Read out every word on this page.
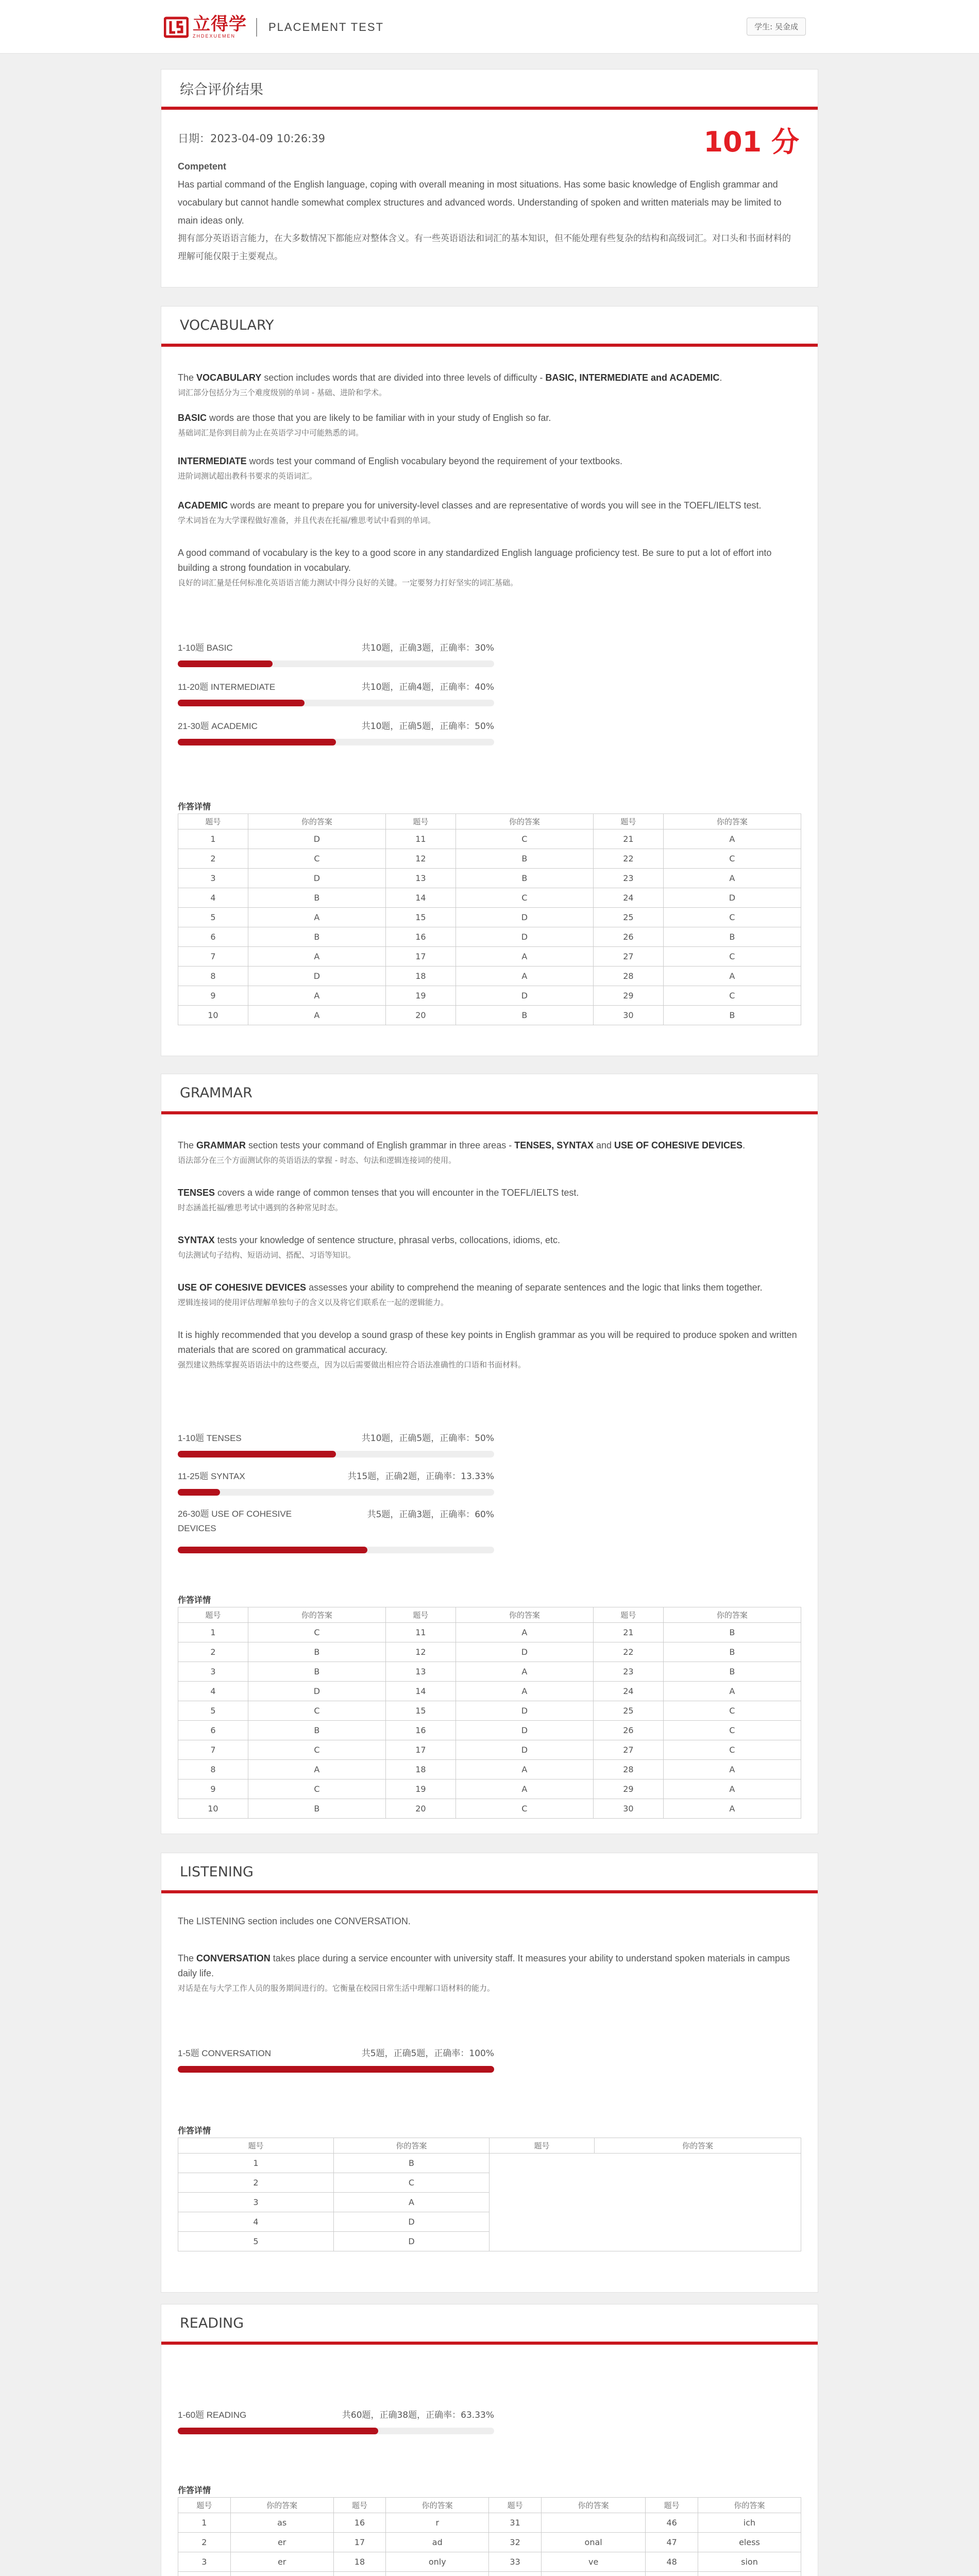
立得学
ZHDEXUEMEN
PLACEMENT TEST	学生: 吴金成
综合评价结果
日期：2023-04-09 10:26:39	101 分
Competent
Has partial command of the English language, coping with overall meaning in most situations. Has some basic knowledge of English grammar and vocabulary but cannot handle somewhat complex structures and advanced words. Understanding of spoken and written materials may be limited to main ideas only.
拥有部分英语语言能力，在大多数情况下都能应对整体含义。有一些英语语法和词汇的基本知识，但不能处理有些复杂的结构和高级词汇。对口头和书面材料的理解可能仅限于主要观点。
VOCABULARY
The VOCABULARY section includes words that are divided into three levels of difficulty - BASIC, INTERMEDIATE and ACADEMIC.
词汇部分包括分为三个难度级别的单词 - 基础、进阶和学术。
BASIC words are those that you are likely to be familiar with in your study of English so far.
基础词汇是你到目前为止在英语学习中可能熟悉的词。
INTERMEDIATE words test your command of English vocabulary beyond the requirement of your textbooks.
进阶词测试超出教科书要求的英语词汇。
ACADEMIC words are meant to prepare you for university-level classes and are representative of words you will see in the TOEFL/IELTS test.
学术词旨在为大学课程做好准备，并且代表在托福/雅思考试中看到的单词。
A good command of vocabulary is the key to a good score in any standardized English language proficiency test. Be sure to put a lot of effort into building a strong foundation in vocabulary.
良好的词汇量是任何标准化英语语言能力测试中得分良好的关键。一定要努力打好坚实的词汇基础。
1-10题 BASIC	共10题，正确3题，正确率：30%
11-20题 INTERMEDIATE	共10题，正确4题，正确率：40%
21-30题 ACADEMIC	共10题，正确5题，正确率：50%
作答详情
题号	你的答案	题号	你的答案	题号	你的答案
1	D	11	C	21	A
2	C	12	B	22	C
3	D	13	B	23	A
4	B	14	C	24	D
5	A	15	D	25	C
6	B	16	D	26	B
7	A	17	A	27	C
8	D	18	A	28	A
9	A	19	D	29	C
10	A	20	B	30	B
GRAMMAR
The GRAMMAR section tests your command of English grammar in three areas - TENSES, SYNTAX and USE OF COHESIVE DEVICES.
语法部分在三个方面测试你的英语语法的掌握 - 时态、句法和逻辑连接词的使用。
TENSES covers a wide range of common tenses that you will encounter in the TOEFL/IELTS test.
时态涵盖托福/雅思考试中遇到的各种常见时态。
SYNTAX tests your knowledge of sentence structure, phrasal verbs, collocations, idioms, etc.
句法测试句子结构、短语动词、搭配、习语等知识。
USE OF COHESIVE DEVICES assesses your ability to comprehend the meaning of separate sentences and the logic that links them together.
逻辑连接词的使用评估理解单独句子的含义以及将它们联系在一起的逻辑能力。
It is highly recommended that you develop a sound grasp of these key points in English grammar as you will be required to produce spoken and written materials that are scored on grammatical accuracy.
强烈建议熟练掌握英语语法中的这些要点，因为以后需要做出相应符合语法准确性的口语和书面材料。
1-10题 TENSES	共10题，正确5题，正确率：50%
11-25题 SYNTAX	共15题，正确2题，正确率：13.33%
26-30题 USE OF COHESIVE DEVICES
共5题，正确3题，正确率：60%
作答详情
题号	你的答案	题号	你的答案	题号	你的答案
1	C	11	A	21	B
2	B	12	D	22	B
3	B	13	A	23	B
4	D	14	A	24	A
5	C	15	D	25	C
6	B	16	D	26	C
7	C	17	D	27	C
8	A	18	A	28	A
9	C	19	A	29	A
10	B	20	C	30	A
LISTENING
The LISTENING section includes one CONVERSATION.
The CONVERSATION takes place during a service encounter with university staff. It measures your ability to understand spoken materials in campus daily life.
对话是在与大学工作人员的服务期间进行的。它衡量在校园日常生活中理解口语材料的能力。
1-5题 CONVERSATION	共5题，正确5题，正确率：100%
作答详情
题号	你的答案	题号	你的答案
1	B		
2	C		
3	A		
4	D		
5	D		
READING
1-60题 READING	共60题，正确38题，正确率：63.33%
作答详情
题号	你的答案	题号	你的答案	题号	你的答案	题号	你的答案
1	as	16	r	31		46	ich
2	er	17	ad	32	onal	47	eless
3	er	18	only	33	ve	48	sion
